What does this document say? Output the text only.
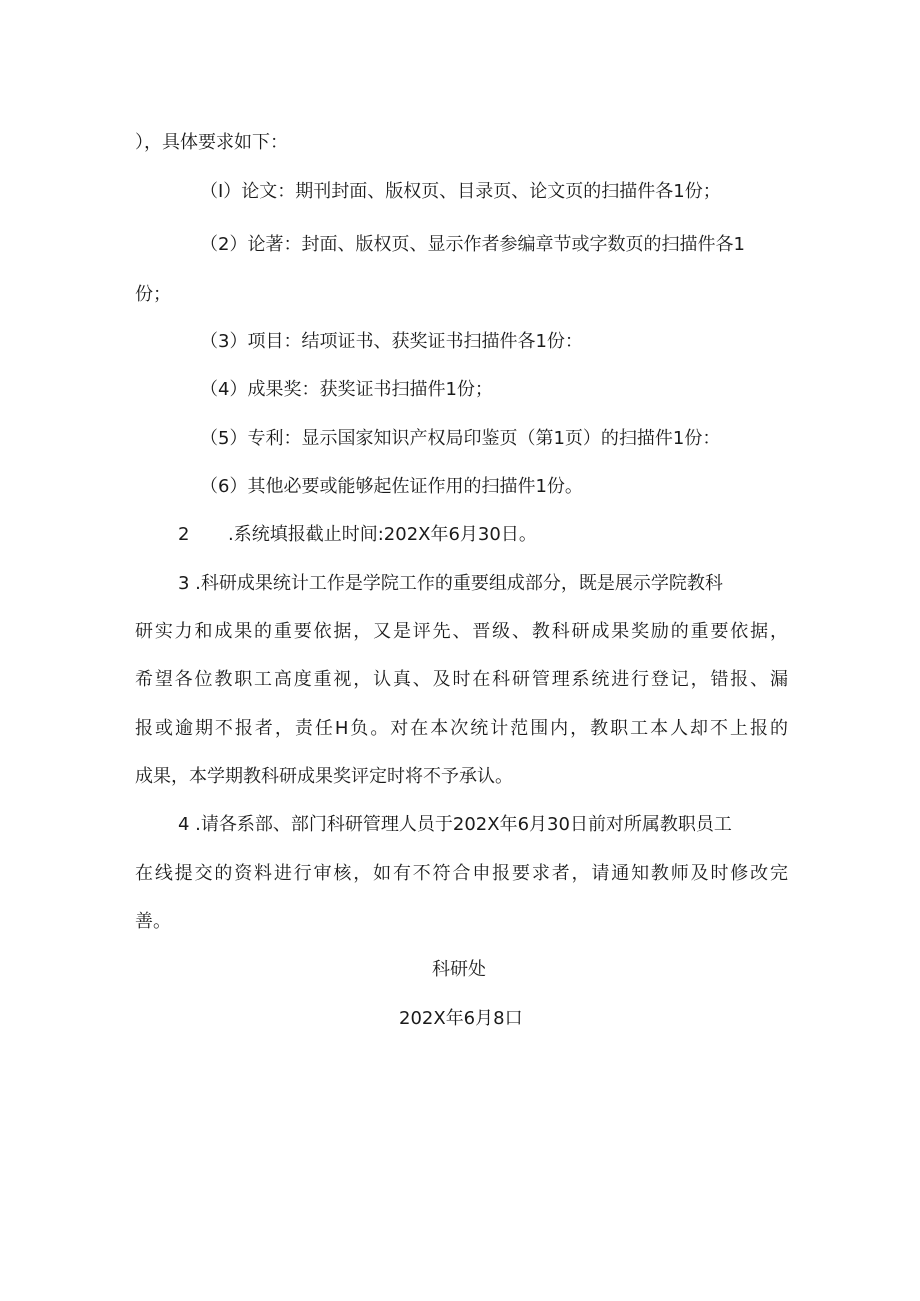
），具体要求如下：
（I）论文：期刊封面、版权页、目录页、论文页的扫描件各1份；
（2）论著：封面、版权页、显示作者参编章节或字数页的扫描件各1
份；
（3）项目：结项证书、获奖证书扫描件各1份：
（4）成果奖：获奖证书扫描件1份；
（5）专利：显示国家知识产权局印鉴页（第1页）的扫描件1份：
（6）其他必要或能够起佐证作用的扫描件1份。
2 .系统填报截止时间:202X年6月30日。
3 .科研成果统计工作是学院工作的重要组成部分，既是展示学院教科
研实力和成果的重要依据，又是评先、晋级、教科研成果奖励的重要依据，
希望各位教职工高度重视，认真、及时在科研管理系统进行登记，错报、漏
报或逾期不报者，责任H负。对在本次统计范围内，教职工本人却不上报的
成果，本学期教科研成果奖评定时将不予承认。
4 .请各系部、部门科研管理人员于202X年6月30日前对所属教职员工
在线提交的资料进行审核，如有不符合申报要求者，请通知教师及时修改完
善。
科研处
202X年6月8口
